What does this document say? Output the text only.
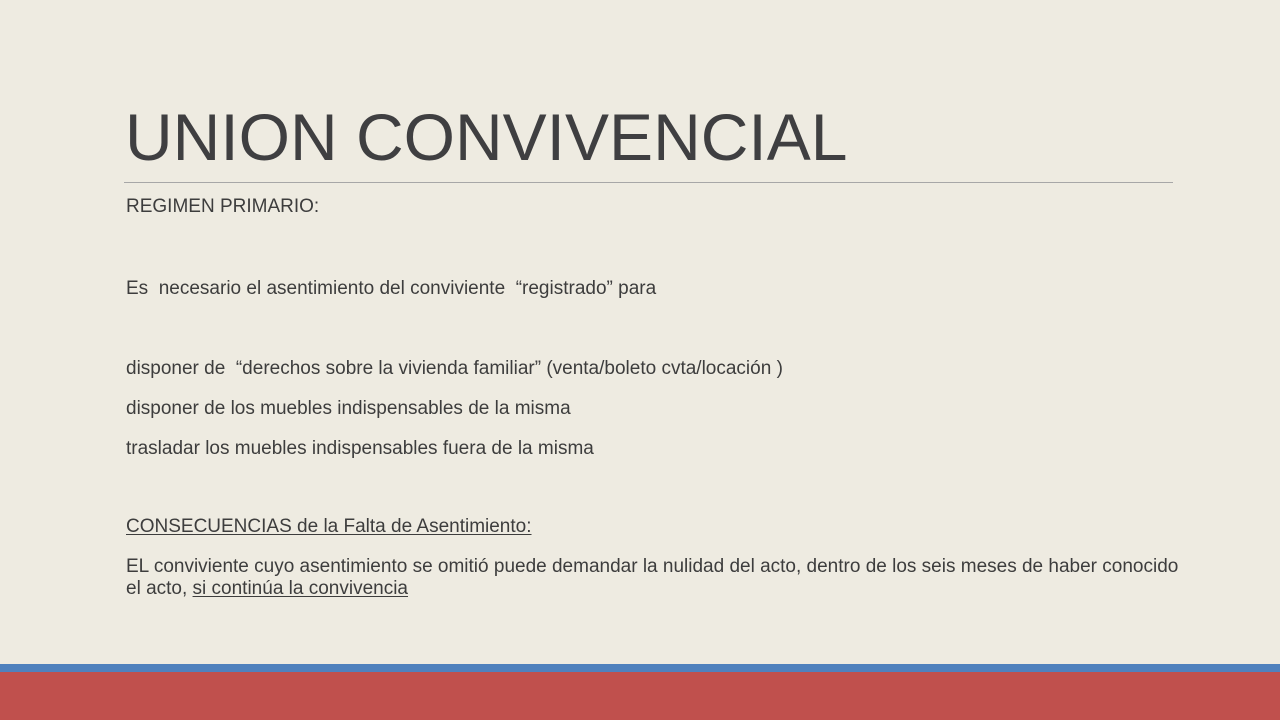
UNION CONVIVENCIAL
REGIMEN PRIMARIO:
Es  necesario el asentimiento del conviviente  “registrado” para
disponer de  “derechos sobre la vivienda familiar” (venta/boleto cvta/locación )
disponer de los muebles indispensables de la misma
trasladar los muebles indispensables fuera de la misma
CONSECUENCIAS de la Falta de Asentimiento:
EL conviviente cuyo asentimiento se omitió puede demandar la nulidad del acto, dentro de los seis meses de haber conocido el acto, si continúa la convivencia
